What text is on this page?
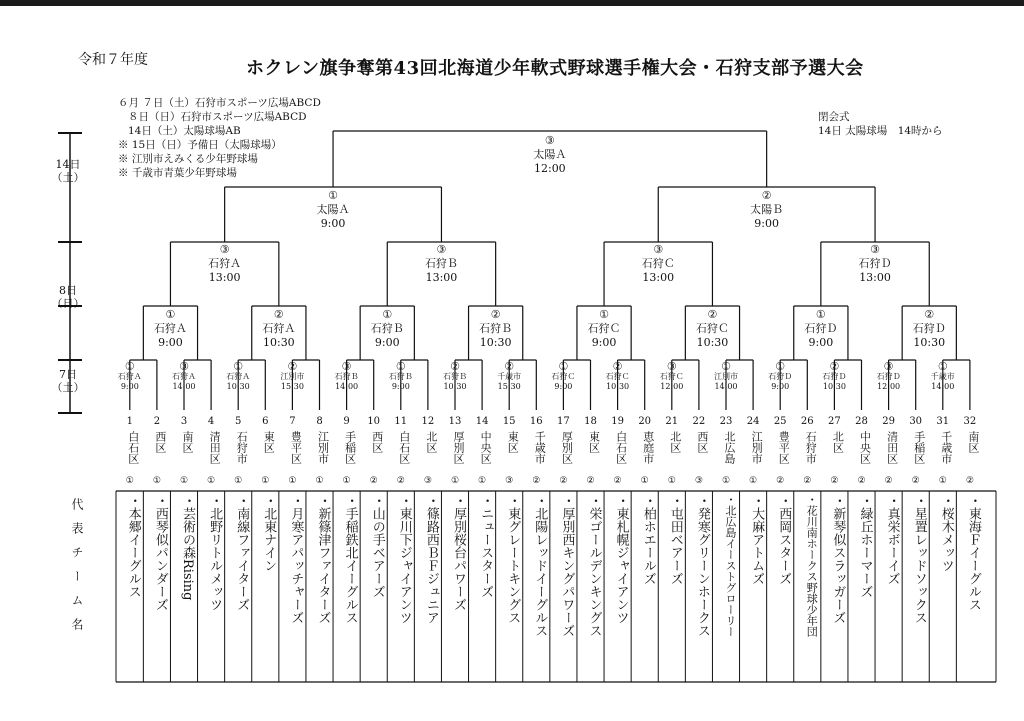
令和７年度	ホクレン旗争奪第43回北海道少年軟式野球選手権大会・石狩支部予選大会
６月 ７日（土）石狩市スポーツ広場ABCD
８日（日）石狩市スポーツ広場ABCD
14日（土）太陽球場AB
※ 15日（日）予備日（太陽球場）
※ 江別市えみくる少年野球場
※ 千歳市青葉少年野球場
閉会式
14日 太陽球場　14時から
14日
（土）
8日
（日）
7日
（土）
③
太陽Ａ
12:00
①
太陽Ａ
9:00
②
太陽Ｂ
9:00
③
石狩Ａ
13:00
③
石狩Ｂ
13:00
③
石狩Ｃ
13:00
③
石狩Ｄ
13:00
①
石狩Ａ
9:00
②
石狩Ａ
10:30
①
石狩Ｂ
9:00
②
石狩Ｂ
10:30
①
石狩Ｃ
9:00
②
石狩Ｃ
10:30
①
石狩Ｄ
9:00
②
石狩Ｄ
10:30
①
石狩Ａ
9:00
③
石狩Ａ
14:00
①
石狩Ａ
10:30
②
江別市
15:30
③
石狩Ｂ
14:00
①
石狩Ｂ
9:00
②
石狩Ｂ
10:30
②
千歳市
15:30
①
石狩Ｃ
9:00
②
石狩Ｃ
10:30
③
石狩Ｃ
12:00
①
江別市
14:00
①
石狩Ｄ
9:00
②
石狩Ｄ
10:30
③
石狩Ｄ
12:00
①
千歳市
14:00
1
白石区
①
・本郷イーグルス
2
西区
①
・西琴似パンダーズ
3
南区
①
・芸術の森Rising
4
清田区
①
・北野リトルメッツ
5
石狩市
①
・南線ファイターズ
6
東区
①
・北東ナイン
7
豊平区
①
・月寒アパッチャーズ
8
江別市
①
・新篠津ファイターズ
9
手稲区
①
・手稲鉄北イーグルス
10
西区
②
・山の手ベアーズ
11
白石区
②
・東川下ジャイアンツ
12
北区
③
・篠路西ＢＦジュニア
13
厚別区
①
・厚別桜台パワーズ
14
中央区
①
・ニュースターズ
15
東区
③
・東グレートキングス
16
千歳市
②
・北陽レッドイーグルス
17
厚別区
②
・厚別西キングパワーズ
18
東区
②
・栄ゴールデンキングス
19
白石区
②
・東札幌ジャイアンツ
20
恵庭市
①
・柏ホエールズ
21
北区
①
・屯田ベアーズ
22
西区
③
・発寒グリーンホークス
23
北広島
①
・北広島イーストグローリー
24
江別市
①
・大麻アトムズ
25
豊平区
②
・西岡スターズ
26
石狩市
②
・花川南ホークス野球少年団
27
北区
②
・新琴似スラッガーズ
28
中央区
②
・緑丘ホーマーズ
29
清田区
②
・真栄ボーイズ
30
手稲区
②
・星置レッドソックス
31
千歳市
①
・桜木メッツ
32
南区
②
・東海Ｆイーグルス
代表チーム名
